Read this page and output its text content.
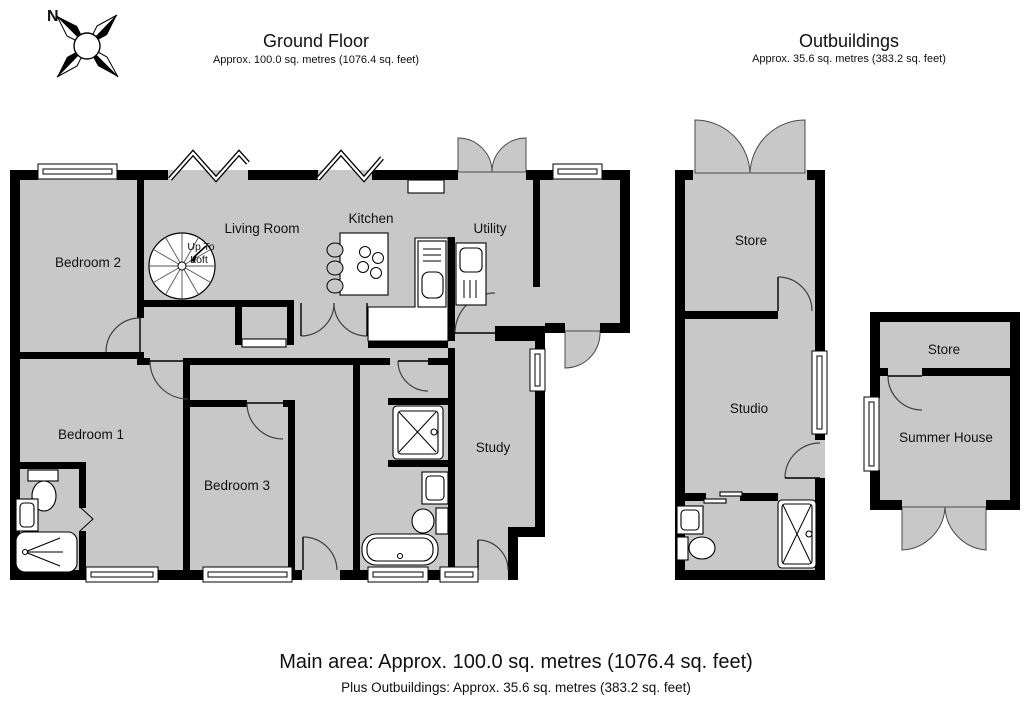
N
Ground Floor
Approx. 100.0 sq. metres (1076.4 sq. feet)
Outbuildings
Approx. 35.6 sq. metres (383.2 sq. feet)
Bedroom 2
Living Room
Kitchen
Utility
Bedroom 1
Bedroom 3
Study
Up To
Loft
Store
Studio
Store
Summer House
Main area: Approx. 100.0 sq. metres (1076.4 sq. feet)
Plus Outbuildings: Approx. 35.6 sq. metres (383.2 sq. feet)
